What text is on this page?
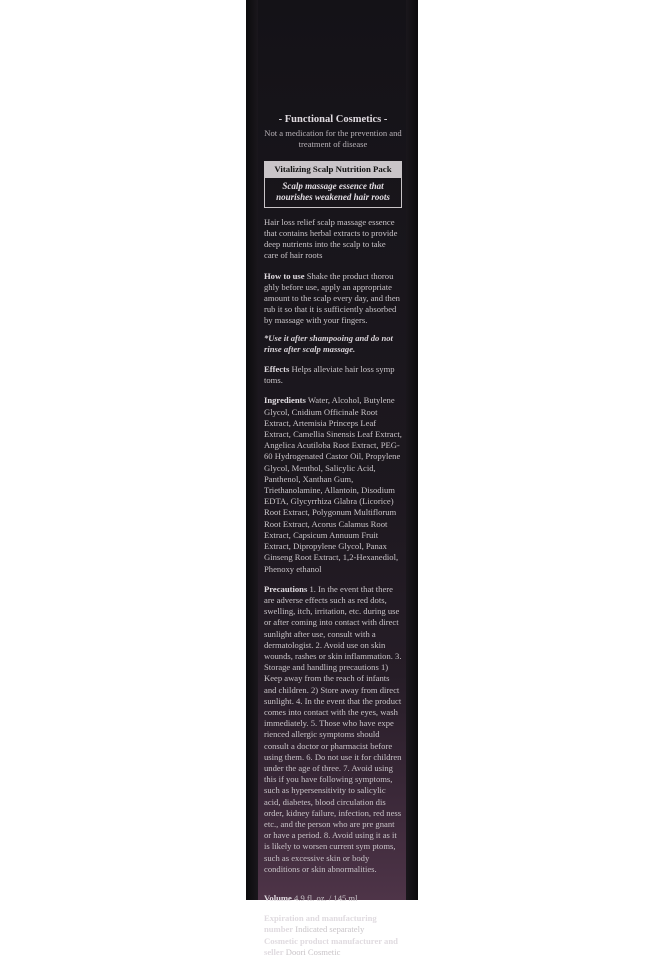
- Functional Cosmetics -
Not a medication for the prevention and treatment of disease
Vitalizing Scalp Nutrition Pack
Scalp massage essence that nourishes weakened hair roots
Hair loss relief scalp massage essence that contains herbal extracts to provide deep nutrients into the scalp to take care of hair roots
How to use Shake the product thorou ghly before use, apply an appropriate amount to the scalp every day, and then rub it so that it is sufficiently absorbed by massage with your fingers.
*Use it after shampooing and do not rinse after scalp massage.
Effects Helps alleviate hair loss symp toms.
Ingredients Water, Alcohol, Butylene Glycol, Cnidium Officinale Root Extract, Artemisia Princeps Leaf Extract, Camellia Sinensis Leaf Extract, Angelica Acutiloba Root Extract, PEG-60 Hydrogenated Castor Oil, Propylene Glycol, Menthol, Salicylic Acid, Panthenol, Xanthan Gum, Triethanolamine, Allantoin, Disodium EDTA, Glycyrrhiza Glabra (Licorice) Root Extract, Polygonum Multiflorum Root Extract, Acorus Calamus Root Extract, Capsicum Annuum Fruit Extract, Dipropylene Glycol, Panax Ginseng Root Extract, 1,2-Hexanediol, Phenoxy ethanol
Precautions 1. In the event that there are adverse effects such as red dots, swelling, itch, irritation, etc. during use or after coming into contact with direct sunlight after use, consult with a dermatologist. 2. Avoid use on skin wounds, rashes or skin inflammation. 3. Storage and handling precautions 1) Keep away from the reach of infants and children. 2) Store away from direct sunlight. 4. In the event that the product comes into contact with the eyes, wash immediately. 5. Those who have expe rienced allergic symptoms should consult a doctor or pharmacist before using them. 6. Do not use it for children under the age of three. 7. Avoid using this if you have following symptoms, such as hypersensitivity to salicylic acid, diabetes, blood circulation dis order, kidney failure, infection, red ness etc., and the person who are pre gnant or have a period. 8. Avoid using it as it is likely to worsen current sym ptoms, such as excessive skin or body conditions or skin abnormalities.
Volume 4.9 fl. oz. / 145 ml
Expiration and manufacturing number Indicated separately
Cosmetic product manufacturer and seller Doori Cosmetic
